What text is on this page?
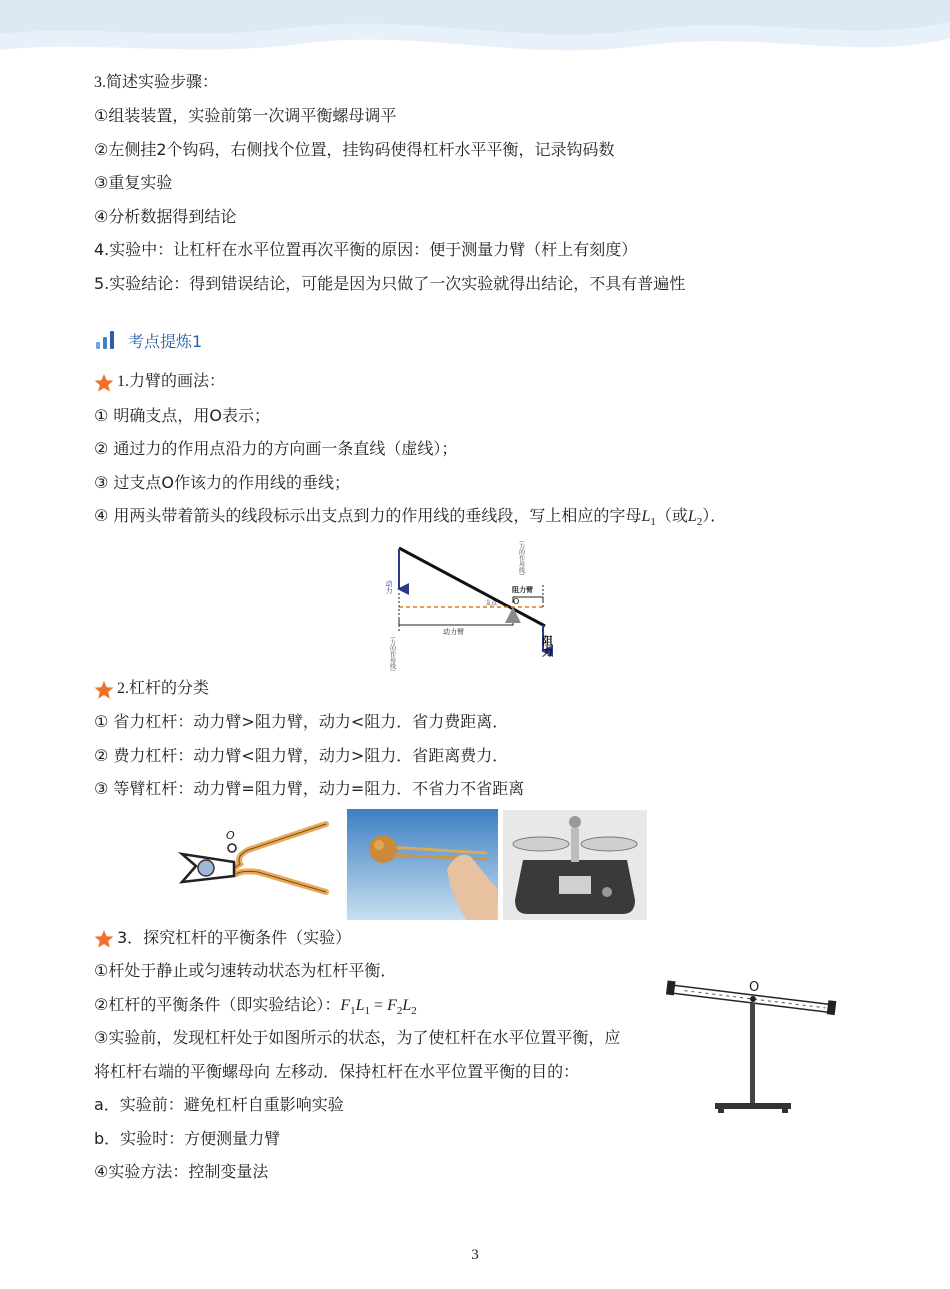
3.简述实验步骤：
①组装装置，实验前第一次调平衡螺母调平
②左侧挂2个钩码，右侧找个位置，挂钩码使得杠杆水平平衡，记录钩码数
③重复实验
④分析数据得到结论
4.实验中：让杠杆在水平位置再次平衡的原因：便于测量力臂（杆上有刻度）
5.实验结论：得到错误结论，可能是因为只做了一次实验就得出结论，不具有普遍性
考点提炼1
1.力臂的画法：
① 明确支点，用O表示；
② 通过力的作用点沿力的方向画一条直线（虚线）；
③ 过支点O作该力的作用线的垂线；
④ 用两头带着箭头的线段标示出支点到力的作用线的垂线段，写上相应的字母$L_1$（或$L_2$）．
动力
阻力
动力臂
阻力臂
O
支点
（力的作用线）
（力的作用线）
2.杠杆的分类
① 省力杠杆：动力臂>阻力臂，动力<阻力．省力费距离．
② 费力杠杆：动力臂<阻力臂，动力>阻力．省距离费力．
③ 等臂杠杆：动力臂=阻力臂，动力=阻力．不省力不省距离
O
3．探究杠杆的平衡条件（实验）
①杆处于静止或匀速转动状态为杠杆平衡．
②杠杆的平衡条件（即实验结论）：$F_1L_1 = F_2L_2$
③实验前，发现杠杆处于如图所示的状态，为了使杠杆在水平位置平衡，应
将杠杆右端的平衡螺母向 左移动．保持杠杆在水平位置平衡的目的：
a．实验前：避免杠杆自重影响实验
b．实验时：方便测量力臂
④实验方法：控制变量法
O
3
